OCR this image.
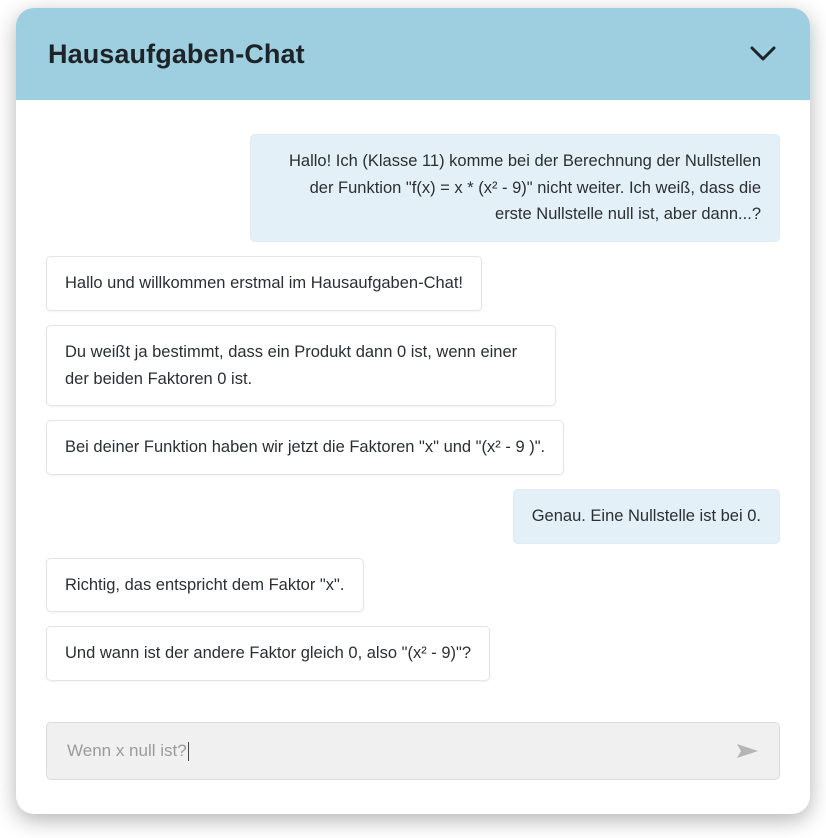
Hausaufgaben-Chat
Hallo! Ich (Klasse 11) komme bei der Berechnung der Nullstellen der Funktion "f(x) = x * (x² - 9)" nicht weiter. Ich weiß, dass die erste Nullstelle null ist, aber dann...?
Hallo und willkommen erstmal im Hausaufgaben-Chat!
Du weißt ja bestimmt, dass ein Produkt dann 0 ist, wenn einer der beiden Faktoren 0 ist.
Bei deiner Funktion haben wir jetzt die Faktoren "x" und "(x² - 9 )".
Genau. Eine Nullstelle ist bei 0.
Richtig, das entspricht dem Faktor "x".
Und wann ist der andere Faktor gleich 0, also "(x² - 9)"?
Wenn x null ist?
